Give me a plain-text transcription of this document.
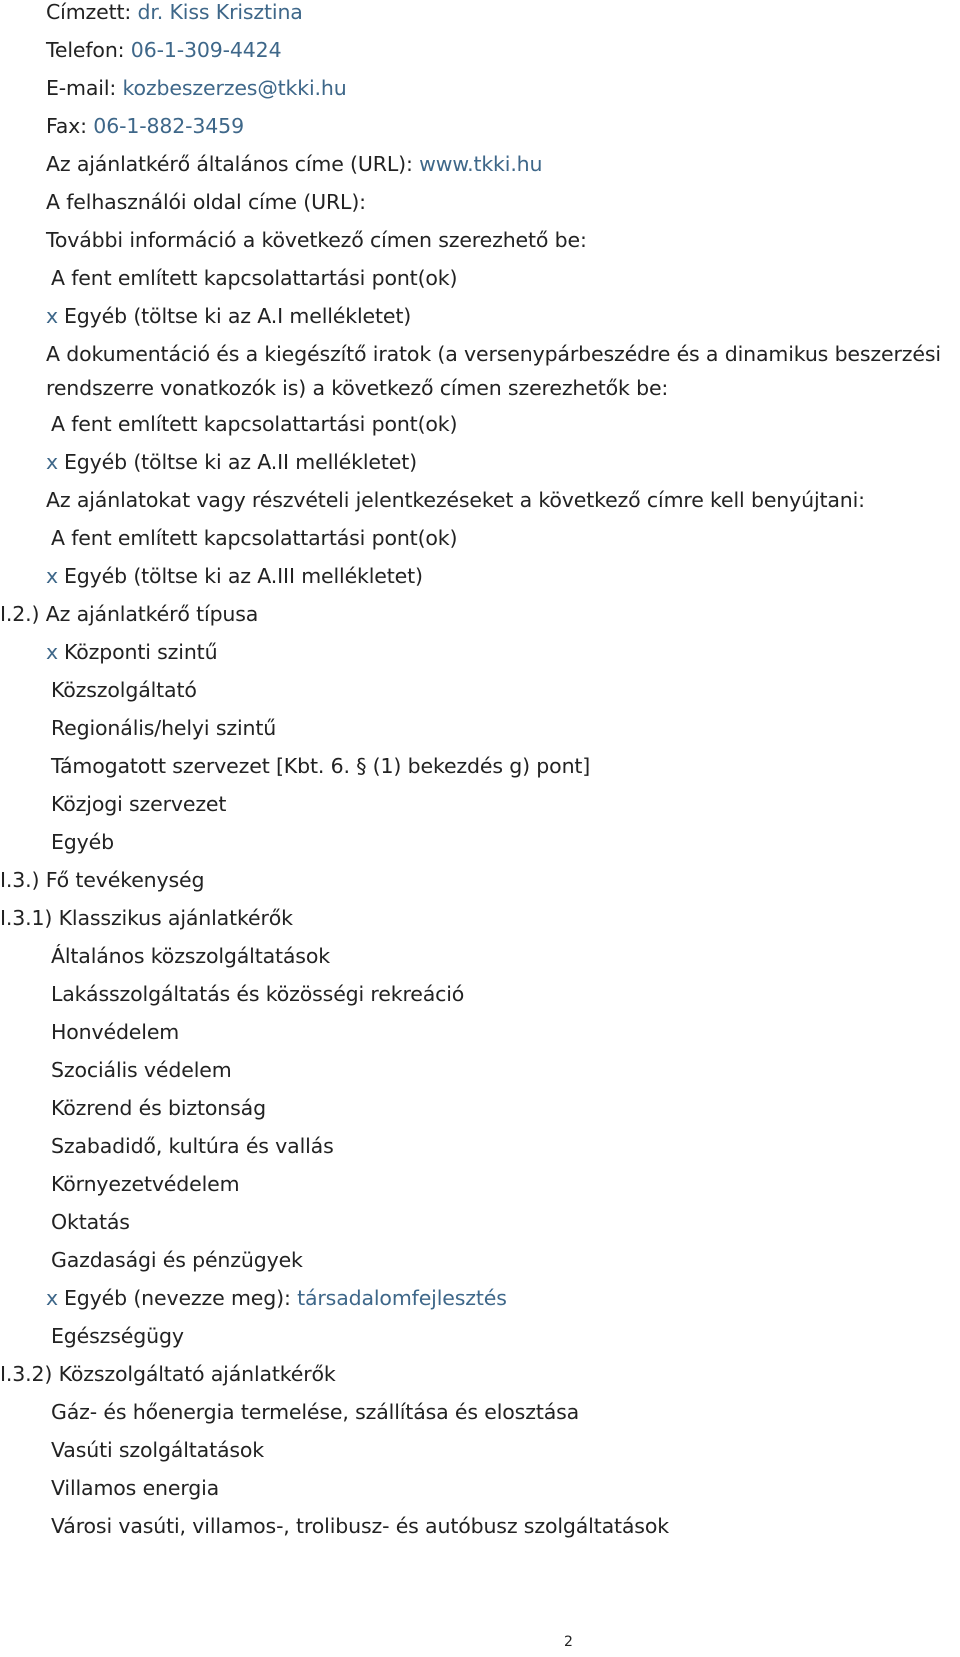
Címzett: dr. Kiss Krisztina
Telefon: 06-1-309-4424
E-mail: kozbeszerzes@tkki.hu
Fax: 06-1-882-3459
Az ajánlatkérő általános címe (URL): www.tkki.hu
A felhasználói oldal címe (URL):
További információ a következő címen szerezhető be:
A fent említett kapcsolattartási pont(ok)
x Egyéb (töltse ki az A.I mellékletet)
A dokumentáció és a kiegészítő iratok (a versenypárbeszédre és a dinamikus beszerzési
rendszerre vonatkozók is) a következő címen szerezhetők be:
A fent említett kapcsolattartási pont(ok)
x Egyéb (töltse ki az A.II mellékletet)
Az ajánlatokat vagy részvételi jelentkezéseket a következő címre kell benyújtani:
A fent említett kapcsolattartási pont(ok)
x Egyéb (töltse ki az A.III mellékletet)
I.2.) Az ajánlatkérő típusa
x Központi szintű
Közszolgáltató
Regionális/helyi szintű
Támogatott szervezet [Kbt. 6. § (1) bekezdés g) pont]
Közjogi szervezet
Egyéb
I.3.) Fő tevékenység
I.3.1) Klasszikus ajánlatkérők
Általános közszolgáltatások
Lakásszolgáltatás és közösségi rekreáció
Honvédelem
Szociális védelem
Közrend és biztonság
Szabadidő, kultúra és vallás
Környezetvédelem
Oktatás
Gazdasági és pénzügyek
x Egyéb (nevezze meg): társadalomfejlesztés
Egészségügy
I.3.2) Közszolgáltató ajánlatkérők
Gáz- és hőenergia termelése, szállítása és elosztása
Vasúti szolgáltatások
Villamos energia
Városi vasúti, villamos-, trolibusz- és autóbusz szolgáltatások
2
